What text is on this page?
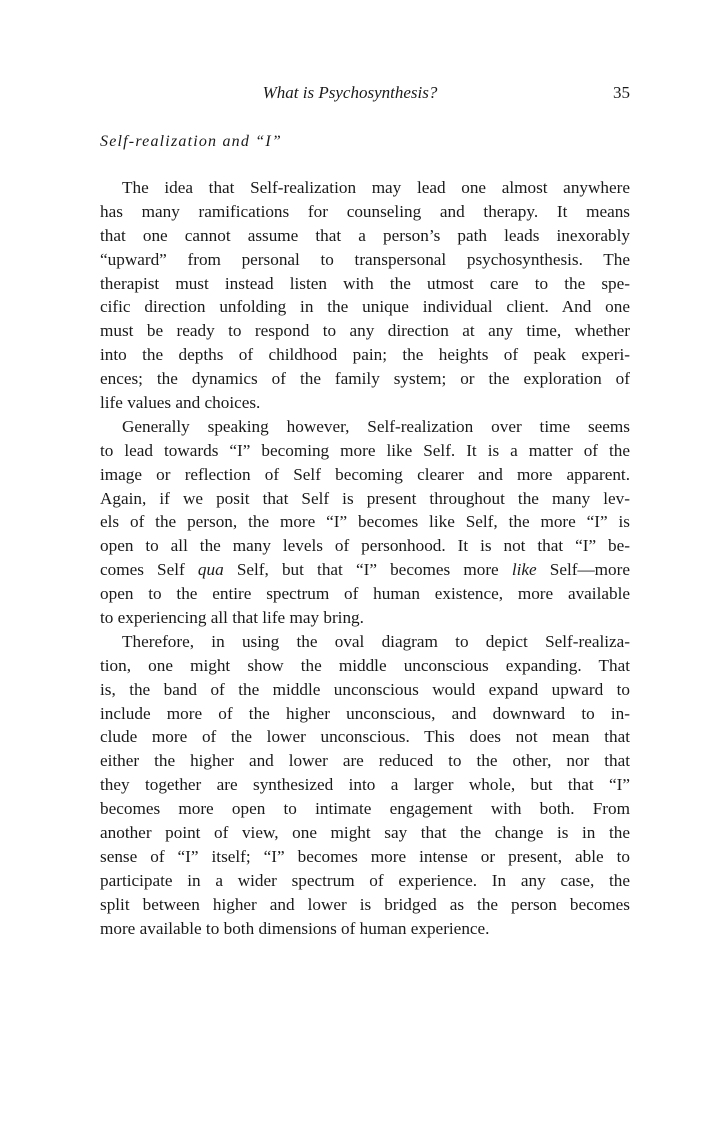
What is Psychosynthesis?	35
Self-realization and “I”
The idea that Self-realization may lead one almost anywhere
has many ramifications for counseling and therapy. It means
that one cannot assume that a person’s path leads inexorably
“upward” from personal to transpersonal psychosynthesis. The
therapist must instead listen with the utmost care to the spe-
cific direction unfolding in the unique individual client. And one
must be ready to respond to any direction at any time, whether
into the depths of childhood pain; the heights of peak experi-
ences; the dynamics of the family system; or the exploration of
life values and choices.
Generally speaking however, Self-realization over time seems
to lead towards “I” becoming more like Self. It is a matter of the
image or reflection of Self becoming clearer and more apparent.
Again, if we posit that Self is present throughout the many lev-
els of the person, the more “I” becomes like Self, the more “I” is
open to all the many levels of personhood. It is not that “I” be-
comes Self qua Self, but that “I” becomes more like Self—more
open to the entire spectrum of human existence, more available
to experiencing all that life may bring.
Therefore, in using the oval diagram to depict Self-realiza-
tion, one might show the middle unconscious expanding. That
is, the band of the middle unconscious would expand upward to
include more of the higher unconscious, and downward to in-
clude more of the lower unconscious. This does not mean that
either the higher and lower are reduced to the other, nor that
they together are synthesized into a larger whole, but that “I”
becomes more open to intimate engagement with both. From
another point of view, one might say that the change is in the
sense of “I” itself; “I” becomes more intense or present, able to
participate in a wider spectrum of experience. In any case, the
split between higher and lower is bridged as the person becomes
more available to both dimensions of human experience.
